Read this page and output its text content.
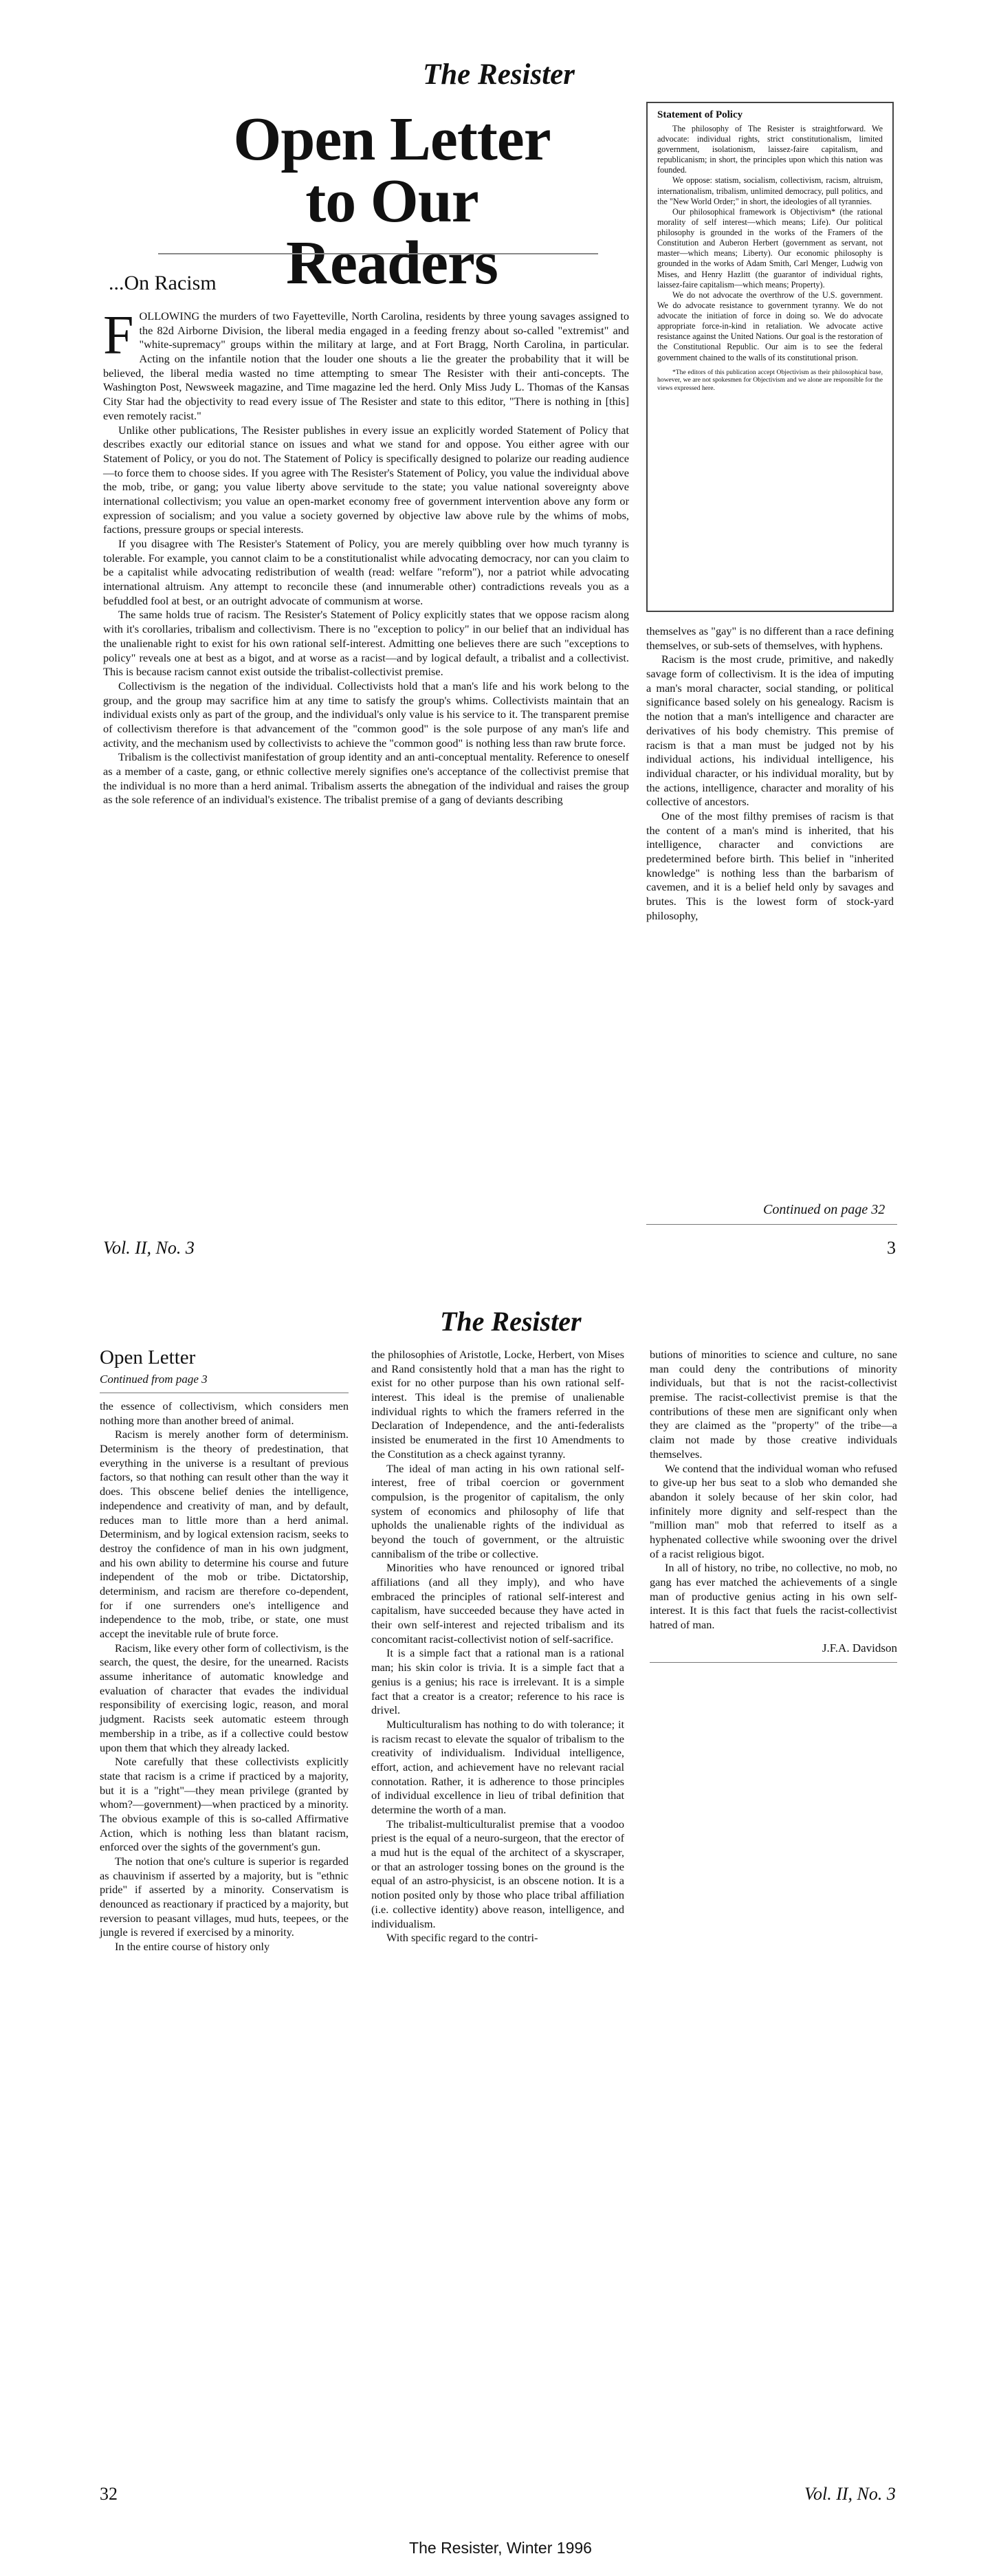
The Resister
Open Letter
to Our Readers
...On Racism
Statement of Policy

The philosophy of The Resister is straightforward. We advocate: individual rights, strict constitutionalism, limited government, isolationism, laissez-faire capitalism, and republicanism; in short, the principles upon which this nation was founded.

We oppose: statism, socialism, collectivism, racism, altruism, internationalism, tribalism, unlimited democracy, pull politics, and the "New World Order;" in short, the ideologies of all tyrannies.

Our philosophical framework is Objectivism* (the rational morality of self interest—which means; Life). Our political philosophy is grounded in the works of the Framers of the Constitution and Auberon Herbert (government as servant, not master—which means; Liberty). Our economic philosophy is grounded in the works of Adam Smith, Carl Menger, Ludwig von Mises, and Henry Hazlitt (the guarantor of individual rights, laissez-faire capitalism—which means; Property).

We do not advocate the overthrow of the U.S. government. We do advocate resistance to government tyranny. We do not advocate the initiation of force in doing so. We do advocate appropriate force-in-kind in retaliation. We advocate active resistance against the United Nations. Our goal is the restoration of the Constitutional Republic. Our aim is to see the federal government chained to the walls of its constitutional prison.

*The editors of this publication accept Objectivism as their philosophical base, however, we are not spokesmen for Objectivism and we alone are responsible for the views expressed here.

FOLLOWING the murders of two Fayetteville, North Carolina, residents by three young savages assigned to the 82d Airborne Division, the liberal media engaged in a feeding frenzy about so-called "extremist" and "white-supremacy" groups within the military at large, and at Fort Bragg, North Carolina, in particular. Acting on the infantile notion that the louder one shouts a lie the greater the probability that it will be believed, the liberal media wasted no time attempting to smear The Resister with their anti-concepts. The Washington Post, Newsweek magazine, and Time magazine led the herd. Only Miss Judy L. Thomas of the Kansas City Star had the objectivity to read every issue of The Resister and state to this editor, "There is nothing in [this] even remotely racist."

Unlike other publications, The Resister publishes in every issue an explicitly worded Statement of Policy that describes exactly our editorial stance on issues and what we stand for and oppose. You either agree with our Statement of Policy, or you do not. The Statement of Policy is specifically designed to polarize our reading audience—to force them to choose sides. If you agree with The Resister's Statement of Policy, you value the individual above the mob, tribe, or gang; you value liberty above servitude to the state; you value national sovereignty above international collectivism; you value an open-market economy free of government intervention above any form or expression of socialism; and you value a society governed by objective law above rule by the whims of mobs, factions, pressure groups or special interests.

If you disagree with The Resister's Statement of Policy, you are merely quibbling over how much tyranny is tolerable. For example, you cannot claim to be a constitutionalist while advocating democracy, nor can you claim to be a capitalist while advocating redistribution of wealth (read: welfare "reform"), nor a patriot while advocating international altruism. Any attempt to reconcile these (and innumerable other) contradictions reveals you as a befuddled fool at best, or an outright advocate of communism at worse.

The same holds true of racism. The Resister's Statement of Policy explicitly states that we oppose racism along with it's corollaries, tribalism and collectivism. There is no "exception to policy" in our belief that an individual has the unalienable right to exist for his own rational self-interest. Admitting one believes there are such "exceptions to policy" reveals one at best as a bigot, and at worse as a racist—and by logical default, a tribalist and a collectivist. This is because racism cannot exist outside the tribalist-collectivist premise.

Collectivism is the negation of the individual. Collectivists hold that a man's life and his work belong to the group, and the group may sacrifice him at any time to satisfy the group's whims. Collectivists maintain that an individual exists only as part of the group, and the individual's only value is his service to it. The transparent premise of collectivism therefore is that advancement of the "common good" is the sole purpose of any man's life and activity, and the mechanism used by collectivists to achieve the "common good" is nothing less than raw brute force.

Tribalism is the collectivist manifestation of group identity and an anti-conceptual mentality. Reference to oneself as a member of a caste, gang, or ethnic collective merely signifies one's acceptance of the collectivist premise that the individual is no more than a herd animal. Tribalism asserts the abnegation of the individual and raises the group as the sole reference of an individual's existence. The tribalist premise of a gang of deviants describing

themselves as "gay" is no different than a race defining themselves, or sub-sets of themselves, with hyphens.

Racism is the most crude, primitive, and nakedly savage form of collectivism. It is the idea of imputing a man's moral character, social standing, or political significance based solely on his genealogy. Racism is the notion that a man's intelligence and character are derivatives of his body chemistry. This premise of racism is that a man must be judged not by his individual actions, his individual intelligence, his individual character, or his individual morality, but by the actions, intelligence, character and morality of his collective of ancestors.

One of the most filthy premises of racism is that the content of a man's mind is inherited, that his intelligence, character and convictions are predetermined before birth. This belief in "inherited knowledge" is nothing less than the barbarism of cavemen, and it is a belief held only by savages and brutes. This is the lowest form of stock-yard philosophy,

Continued on page 32
Vol. II, No. 3	3
The Resister
Open Letter
Continued from page 3

the essence of collectivism, which considers men nothing more than another breed of animal.

Racism is merely another form of determinism. Determinism is the theory of predestination, that everything in the universe is a resultant of previous factors, so that nothing can result other than the way it does. This obscene belief denies the intelligence, independence and creativity of man, and by default, reduces man to little more than a herd animal. Determinism, and by logical extension racism, seeks to destroy the confidence of man in his own judgment, and his own ability to determine his course and future independent of the mob or tribe. Dictatorship, determinism, and racism are therefore co-dependent, for if one surrenders one's intelligence and independence to the mob, tribe, or state, one must accept the inevitable rule of brute force.

Racism, like every other form of collectivism, is the search, the quest, the desire, for the unearned. Racists assume inheritance of automatic knowledge and evaluation of character that evades the individual responsibility of exercising logic, reason, and moral judgment. Racists seek automatic esteem through membership in a tribe, as if a collective could bestow upon them that which they already lacked.

Note carefully that these collectivists explicitly state that racism is a crime if practiced by a majority, but it is a "right"—they mean privilege (granted by whom?—government)—when practiced by a minority. The obvious example of this is so-called Affirmative Action, which is nothing less than blatant racism, enforced over the sights of the government's gun.

The notion that one's culture is superior is regarded as chauvinism if asserted by a majority, but is "ethnic pride" if asserted by a minority. Conservatism is denounced as reactionary if practiced by a majority, but reversion to peasant villages, mud huts, teepees, or the jungle is revered if exercised by a minority.

In the entire course of history only

the philosophies of Aristotle, Locke, Herbert, von Mises and Rand consistently hold that a man has the right to exist for no other purpose than his own rational self-interest. This ideal is the premise of unalienable individual rights to which the framers referred in the Declaration of Independence, and the anti-federalists insisted be enumerated in the first 10 Amendments to the Constitution as a check against tyranny.

The ideal of man acting in his own rational self-interest, free of tribal coercion or government compulsion, is the progenitor of capitalism, the only system of economics and philosophy of life that upholds the unalienable rights of the individual as beyond the touch of government, or the altruistic cannibalism of the tribe or collective.

Minorities who have renounced or ignored tribal affiliations (and all they imply), and who have embraced the principles of rational self-interest and capitalism, have succeeded because they have acted in their own self-interest and rejected tribalism and its concomitant racist-collectivist notion of self-sacrifice.

It is a simple fact that a rational man is a rational man; his skin color is trivia. It is a simple fact that a genius is a genius; his race is irrelevant. It is a simple fact that a creator is a creator; reference to his race is drivel.

Multiculturalism has nothing to do with tolerance; it is racism recast to elevate the squalor of tribalism to the creativity of individualism. Individual intelligence, effort, action, and achievement have no relevant racial connotation. Rather, it is adherence to those principles of individual excellence in lieu of tribal definition that determine the worth of a man.

The tribalist-multiculturalist premise that a voodoo priest is the equal of a neuro-surgeon, that the erector of a mud hut is the equal of the architect of a skyscraper, or that an astrologer tossing bones on the ground is the equal of an astro-physicist, is an obscene notion. It is a notion posited only by those who place tribal affiliation (i.e. collective identity) above reason, intelligence, and individualism.

With specific regard to the contri-

butions of minorities to science and culture, no sane man could deny the contributions of minority individuals, but that is not the racist-collectivist premise. The racist-collectivist premise is that the contributions of these men are significant only when they are claimed as the "property" of the tribe—a claim not made by those creative individuals themselves.

We contend that the individual woman who refused to give-up her bus seat to a slob who demanded she abandon it solely because of her skin color, had infinitely more dignity and self-respect than the "million man" mob that referred to itself as a hyphenated collective while swooning over the drivel of a racist religious bigot.

In all of history, no tribe, no collective, no mob, no gang has ever matched the achievements of a single man of productive genius acting in his own self-interest. It is this fact that fuels the racist-collectivist hatred of man.

J.F.A. Davidson
32	Vol. II, No. 3
The Resister, Winter 1996
